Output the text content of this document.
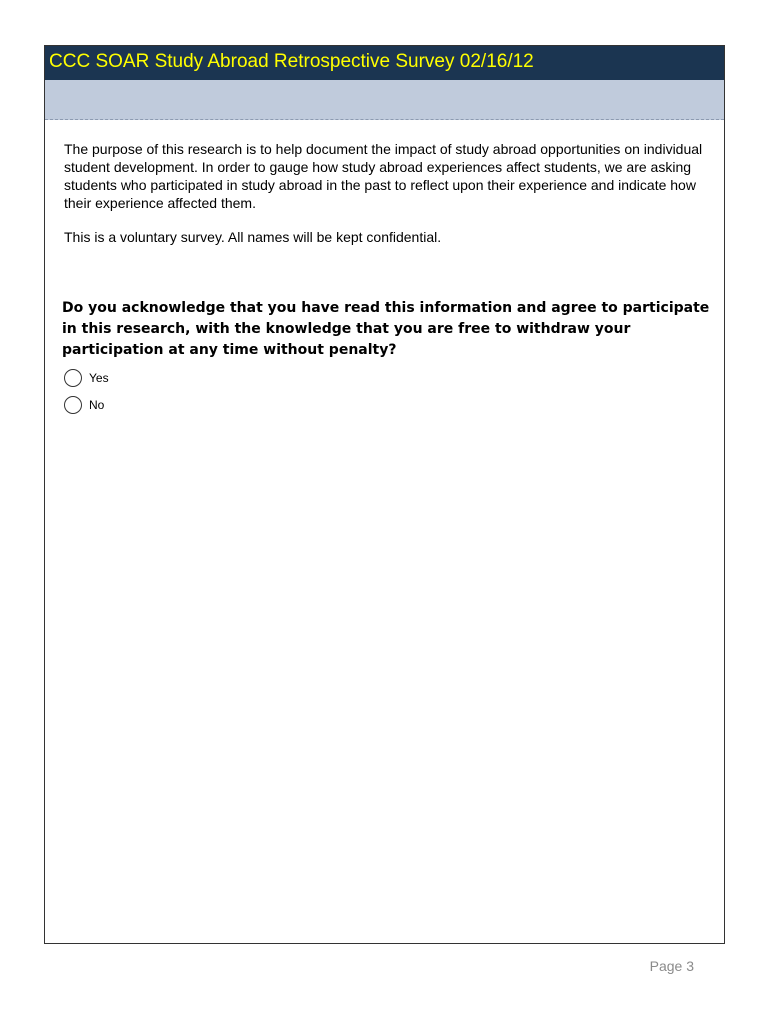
CCC SOAR Study Abroad Retrospective Survey 02/16/12

The purpose of this research is to help document the impact of study abroad opportunities on individual student development. In order to gauge how study abroad experiences affect students, we are asking students who participated in study abroad in the past to reflect upon their experience and indicate how their experience affected them.

This is a voluntary survey. All names will be kept confidential.

Do you acknowledge that you have read this information and agree to participate in this research, with the knowledge that you are free to withdraw your participation at any time without penalty?
Yes
No
Page 3
